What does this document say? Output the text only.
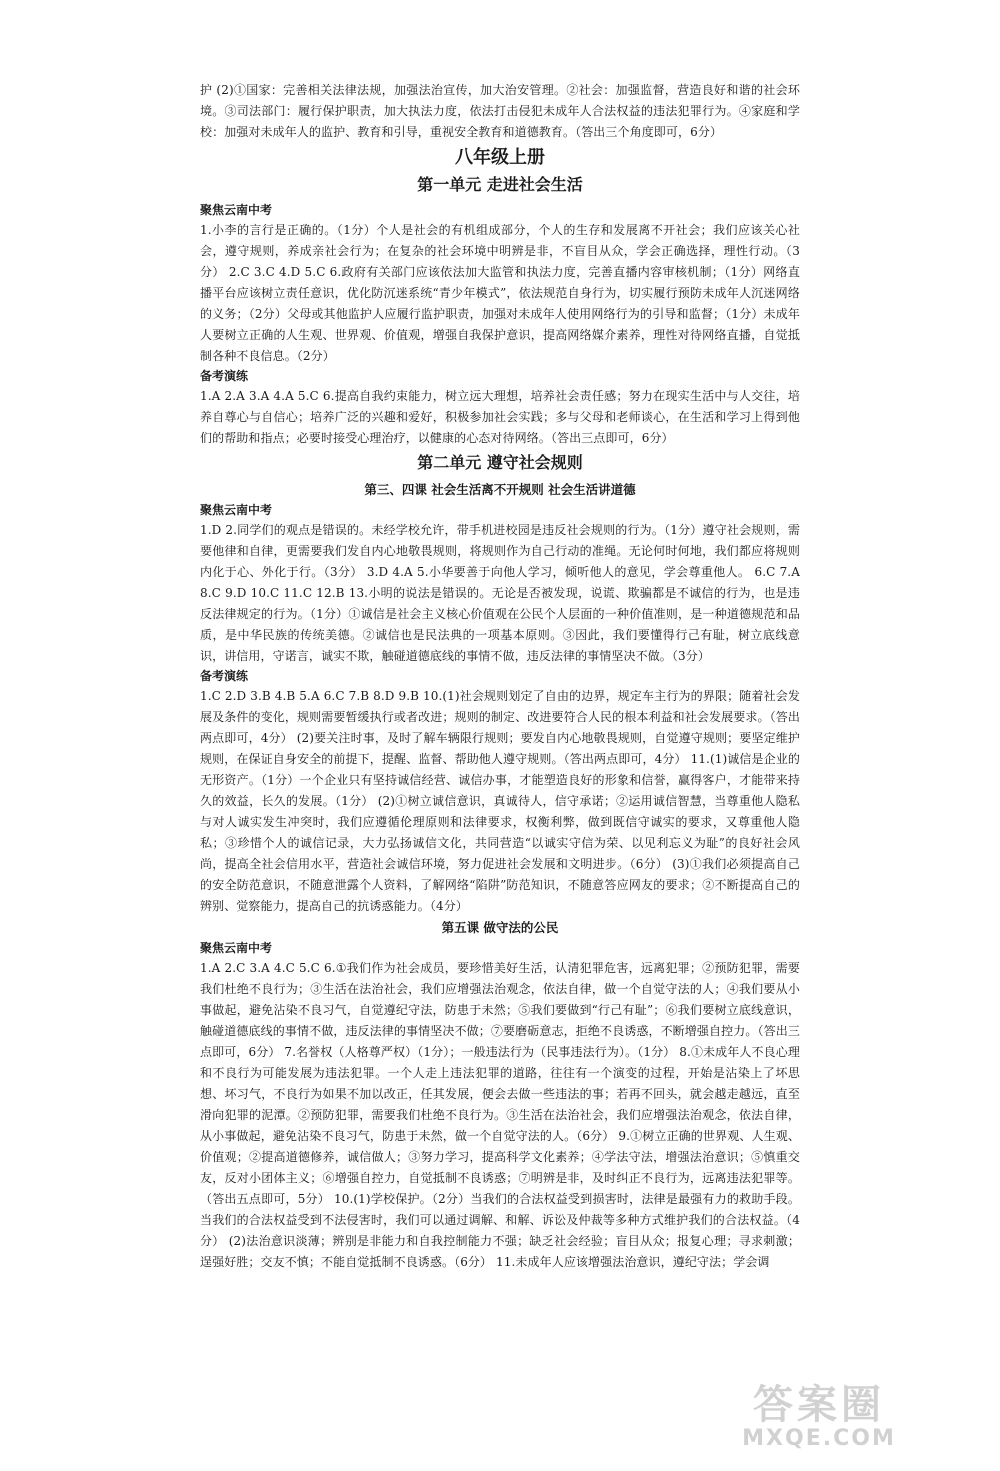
护 (2)①国家：完善相关法律法规，加强法治宣传，加大治安管理。②社会：加强监督，营造良好和谐的社会环境。③司法部门：履行保护职责，加大执法力度，依法打击侵犯未成年人合法权益的违法犯罪行为。④家庭和学校：加强对未成年人的监护、教育和引导，重视安全教育和道德教育。（答出三个角度即可，6分）

八年级上册

第一单元 走进社会生活

聚焦云南中考

1.小李的言行是正确的。（1分）个人是社会的有机组成部分，个人的生存和发展离不开社会；我们应该关心社会，遵守规则，养成亲社会行为；在复杂的社会环境中明辨是非，不盲目从众，学会正确选择，理性行动。（3分） 2.C 3.C 4.D 5.C 6.政府有关部门应该依法加大监管和执法力度，完善直播内容审核机制；（1分）网络直播平台应该树立责任意识，优化防沉迷系统“青少年模式”，依法规范自身行为，切实履行预防未成年人沉迷网络的义务；（2分）父母或其他监护人应履行监护职责，加强对未成年人使用网络行为的引导和监督；（1分）未成年人要树立正确的人生观、世界观、价值观，增强自我保护意识，提高网络媒介素养，理性对待网络直播，自觉抵制各种不良信息。（2分）

备考演练

1.A 2.A 3.A 4.A 5.C 6.提高自我约束能力，树立远大理想，培养社会责任感；努力在现实生活中与人交往，培养自尊心与自信心；培养广泛的兴趣和爱好，积极参加社会实践；多与父母和老师谈心，在生活和学习上得到他们的帮助和指点；必要时接受心理治疗，以健康的心态对待网络。（答出三点即可，6分）

第二单元 遵守社会规则

第三、四课 社会生活离不开规则 社会生活讲道德

聚焦云南中考

1.D 2.同学们的观点是错误的。未经学校允许，带手机进校园是违反社会规则的行为。（1分）遵守社会规则，需要他律和自律，更需要我们发自内心地敬畏规则，将规则作为自己行动的准绳。无论何时何地，我们都应将规则内化于心、外化于行。（3分） 3.D 4.A 5.小华要善于向他人学习，倾听他人的意见，学会尊重他人。 6.C 7.A 8.C 9.D 10.C 11.C 12.B 13.小明的说法是错误的。无论是否被发现，说谎、欺骗都是不诚信的行为，也是违反法律规定的行为。（1分）①诚信是社会主义核心价值观在公民个人层面的一种价值准则，是一种道德规范和品质，是中华民族的传统美德。②诚信也是民法典的一项基本原则。③因此，我们要懂得行己有耻，树立底线意识，讲信用，守诺言，诚实不欺，触碰道德底线的事情不做，违反法律的事情坚决不做。（3分）

备考演练

1.C 2.D 3.B 4.B 5.A 6.C 7.B 8.D 9.B 10.(1)社会规则划定了自由的边界，规定车主行为的界限；随着社会发展及条件的变化，规则需要暂缓执行或者改进；规则的制定、改进要符合人民的根本利益和社会发展要求。（答出两点即可，4分） (2)要关注时事，及时了解车辆限行规则；要发自内心地敬畏规则，自觉遵守规则；要坚定维护规则，在保证自身安全的前提下，提醒、监督、帮助他人遵守规则。（答出两点即可，4分） 11.(1)诚信是企业的无形资产。（1分）一个企业只有坚持诚信经营、诚信办事，才能塑造良好的形象和信誉，赢得客户，才能带来持久的效益，长久的发展。（1分） (2)①树立诚信意识，真诚待人，信守承诺；②运用诚信智慧，当尊重他人隐私与对人诚实发生冲突时，我们应遵循伦理原则和法律要求，权衡利弊，做到既信守诚实的要求，又尊重他人隐私；③珍惜个人的诚信记录，大力弘扬诚信文化，共同营造“以诚实守信为荣、以见利忘义为耻”的良好社会风尚，提高全社会信用水平，营造社会诚信环境，努力促进社会发展和文明进步。（6分） (3)①我们必须提高自己的安全防范意识，不随意泄露个人资料，了解网络“陷阱”防范知识，不随意答应网友的要求；②不断提高自己的辨别、觉察能力，提高自己的抗诱惑能力。（4分）

第五课 做守法的公民

聚焦云南中考

1.A 2.C 3.A 4.C 5.C 6.①我们作为社会成员，要珍惜美好生活，认清犯罪危害，远离犯罪；②预防犯罪，需要我们杜绝不良行为；③生活在法治社会，我们应增强法治观念，依法自律，做一个自觉守法的人；④我们要从小事做起，避免沾染不良习气，自觉遵纪守法，防患于未然；⑤我们要做到“行己有耻”；⑥我们要树立底线意识，触碰道德底线的事情不做，违反法律的事情坚决不做；⑦要磨砺意志，拒绝不良诱惑，不断增强自控力。（答出三点即可，6分） 7.名誉权（人格尊严权）（1分）；一般违法行为（民事违法行为）。（1分） 8.①未成年人不良心理和不良行为可能发展为违法犯罪。一个人走上违法犯罪的道路，往往有一个演变的过程，开始是沾染上了坏思想、坏习气，不良行为如果不加以改正，任其发展，便会去做一些违法的事；若再不回头，就会越走越远，直至滑向犯罪的泥潭。②预防犯罪，需要我们杜绝不良行为。③生活在法治社会，我们应增强法治观念，依法自律，从小事做起，避免沾染不良习气，防患于未然，做一个自觉守法的人。（6分） 9.①树立正确的世界观、人生观、价值观；②提高道德修养，诚信做人；③努力学习，提高科学文化素养；④学法守法，增强法治意识；⑤慎重交友，反对小团体主义；⑥增强自控力，自觉抵制不良诱惑；⑦明辨是非，及时纠正不良行为，远离违法犯罪等。（答出五点即可，5分） 10.(1)学校保护。（2分）当我们的合法权益受到损害时，法律是最强有力的救助手段。当我们的合法权益受到不法侵害时，我们可以通过调解、和解、诉讼及仲裁等多种方式维护我们的合法权益。（4分） (2)法治意识淡薄；辨别是非能力和自我控制能力不强；缺乏社会经验；盲目从众；报复心理；寻求刺激；逞强好胜；交友不慎；不能自觉抵制不良诱惑。（6分） 11.未成年人应该增强法治意识，遵纪守法；学会调

答案圈
MXQE.COM
